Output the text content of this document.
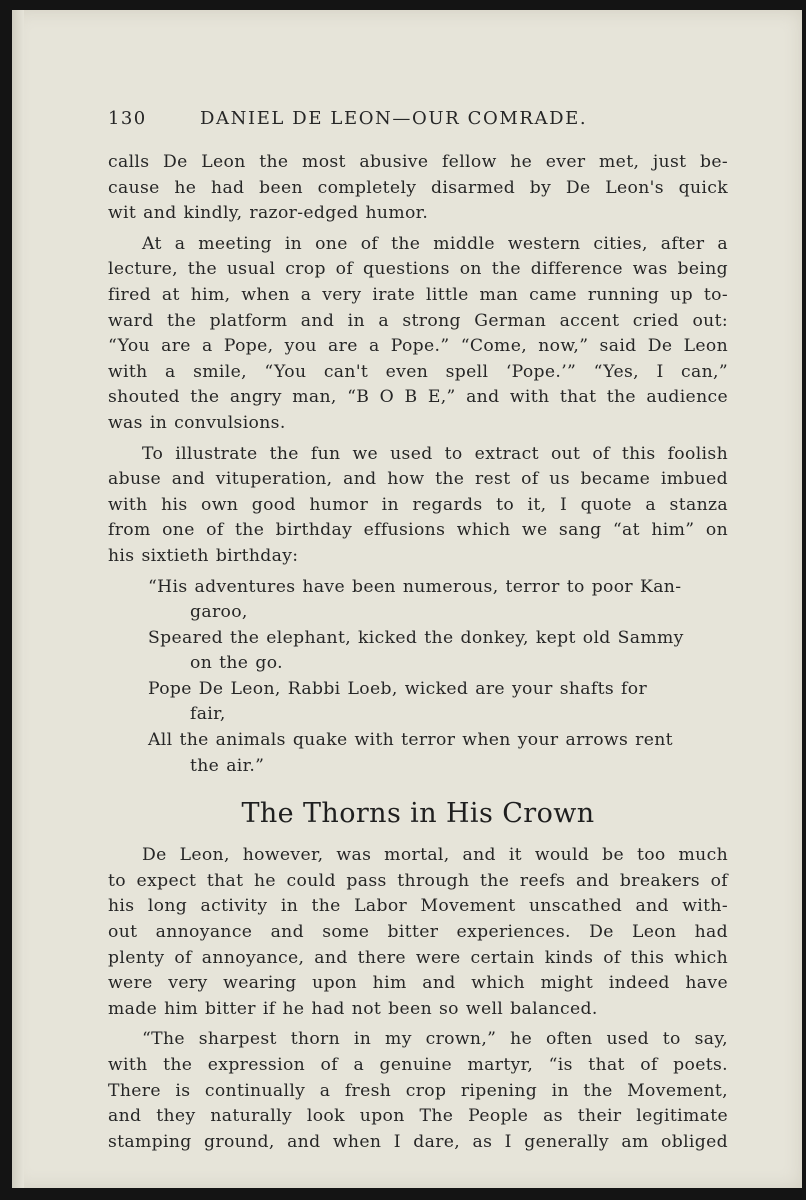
130	DANIEL DE LEON—OUR COMRADE.
calls De Leon the most abusive fellow he ever met, just be-
cause he had been completely disarmed by De Leon's quick
wit and kindly, razor-edged humor.
At a meeting in one of the middle western cities, after a
lecture, the usual crop of questions on the difference was being
fired at him, when a very irate little man came running up to-
ward the platform and in a strong German accent cried out:
“You are a Pope, you are a Pope.” “Come, now,” said De Leon
with a smile, “You can't even spell ‘Pope.’” “Yes, I can,”
shouted the angry man, “B O B E,” and with that the audience
was in convulsions.
To illustrate the fun we used to extract out of this foolish
abuse and vituperation, and how the rest of us became imbued
with his own good humor in regards to it, I quote a stanza
from one of the birthday effusions which we sang “at him” on
his sixtieth birthday:
“His adventures have been numerous, terror to poor Kan-
garoo,
Speared the elephant, kicked the donkey, kept old Sammy
on the go.
Pope De Leon, Rabbi Loeb, wicked are your shafts for
fair,
All the animals quake with terror when your arrows rent
the air.”
The Thorns in His Crown
De Leon, however, was mortal, and it would be too much
to expect that he could pass through the reefs and breakers of
his long activity in the Labor Movement unscathed and with-
out annoyance and some bitter experiences. De Leon had
plenty of annoyance, and there were certain kinds of this which
were very wearing upon him and which might indeed have
made him bitter if he had not been so well balanced.
“The sharpest thorn in my crown,” he often used to say,
with the expression of a genuine martyr, “is that of poets.
There is continually a fresh crop ripening in the Movement,
and they naturally look upon The People as their legitimate
stamping ground, and when I dare, as I generally am obliged
